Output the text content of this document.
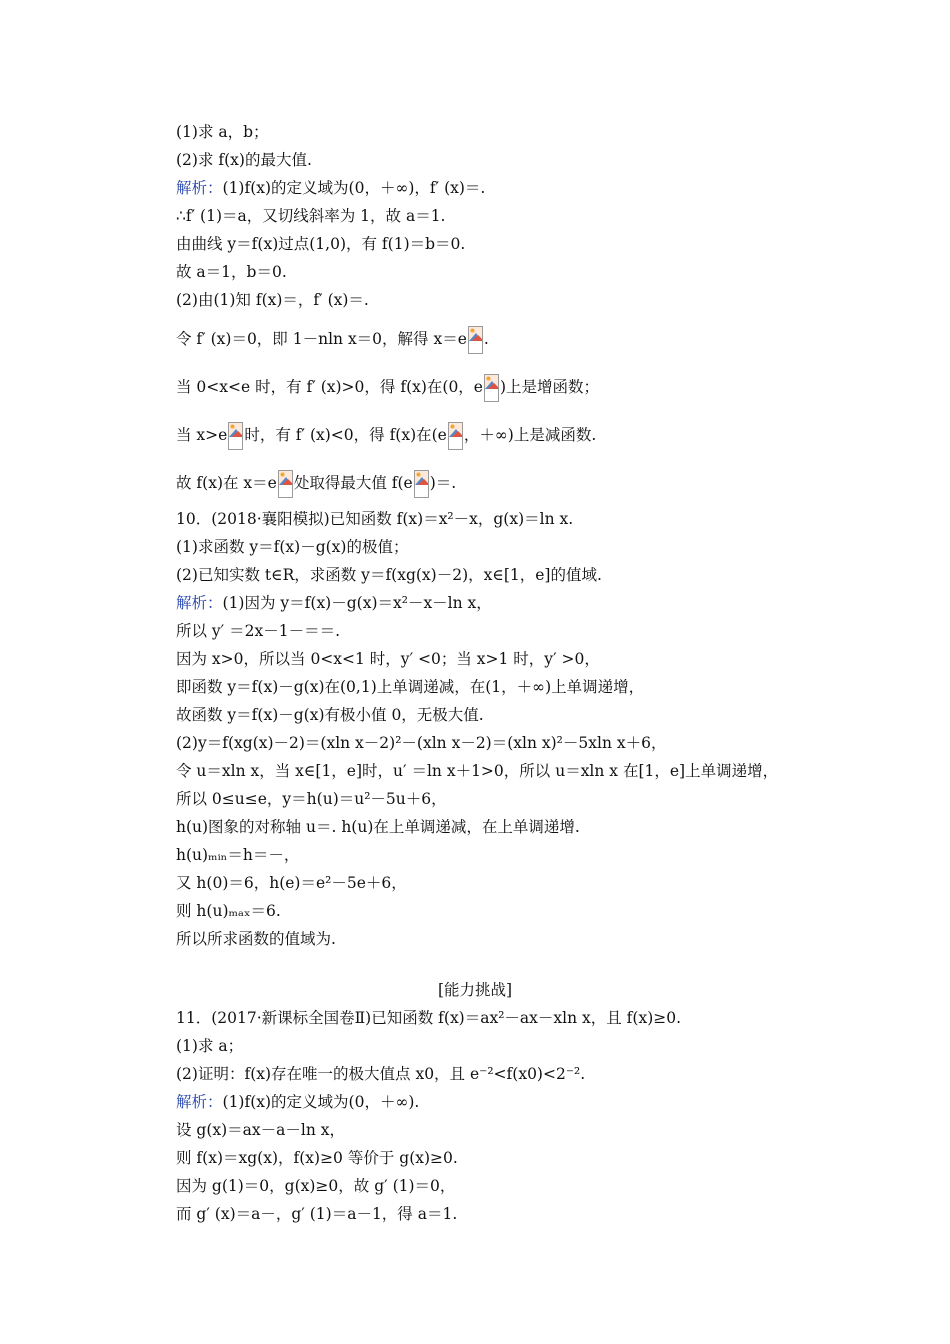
(1)求 a，b；
(2)求 f(x)的最大值.
解析：(1)f(x)的定义域为(0，＋∞)，f′ (x)＝.
∴f′ (1)＝a，又切线斜率为 1，故 a＝1.
由曲线 y＝f(x)过点(1,0)，有 f(1)＝b＝0.
故 a＝1，b＝0.
(2)由(1)知 f(x)＝，f′ (x)＝.
令 f′ (x)＝0，即 1－nln x＝0，解得 x＝e .
当 0<x<e 时，有 f′ (x)>0，得 f(x)在(0，e )上是增函数；
当 x>e 时，有 f′ (x)<0，得 f(x)在(e ，＋∞)上是减函数.
故 f(x)在 x＝e 处取得最大值 f(e )＝.
10．(2018·襄阳模拟)已知函数 f(x)＝x²－x，g(x)＝ln x.
(1)求函数 y＝f(x)－g(x)的极值；
(2)已知实数 t∈R，求函数 y＝f(xg(x)－2)，x∈[1，e]的值域.
解析：(1)因为 y＝f(x)－g(x)＝x²－x－ln x，
所以 y′ ＝2x－1－＝＝.
因为 x>0，所以当 0<x<1 时，y′ <0；当 x>1 时，y′ >0，
即函数 y＝f(x)－g(x)在(0,1)上单调递减，在(1，＋∞)上单调递增，
故函数 y＝f(x)－g(x)有极小值 0，无极大值.
(2)y＝f(xg(x)－2)＝(xln x－2)²－(xln x－2)＝(xln x)²－5xln x＋6，
令 u＝xln x，当 x∈[1，e]时，u′ ＝ln x＋1>0，所以 u＝xln x 在[1，e]上单调递增，
所以 0≤u≤e，y＝h(u)＝u²－5u＋6，
h(u)图象的对称轴 u＝. h(u)在上单调递减，在上单调递增.
h(u)ₘᵢₙ＝h＝－，
又 h(0)＝6，h(e)＝e²－5e＋6，
则 h(u)ₘₐₓ＝6.
所以所求函数的值域为.
[能力挑战]
11．(2017·新课标全国卷Ⅱ)已知函数 f(x)＝ax²－ax－xln x，且 f(x)≥0.
(1)求 a；
(2)证明：f(x)存在唯一的极大值点 x0，且 e⁻²<f(x0)<2⁻².
解析：(1)f(x)的定义域为(0，＋∞).
设 g(x)＝ax－a－ln x，
则 f(x)＝xg(x)，f(x)≥0 等价于 g(x)≥0.
因为 g(1)＝0，g(x)≥0，故 g′ (1)＝0，
而 g′ (x)＝a－，g′ (1)＝a－1，得 a＝1.
